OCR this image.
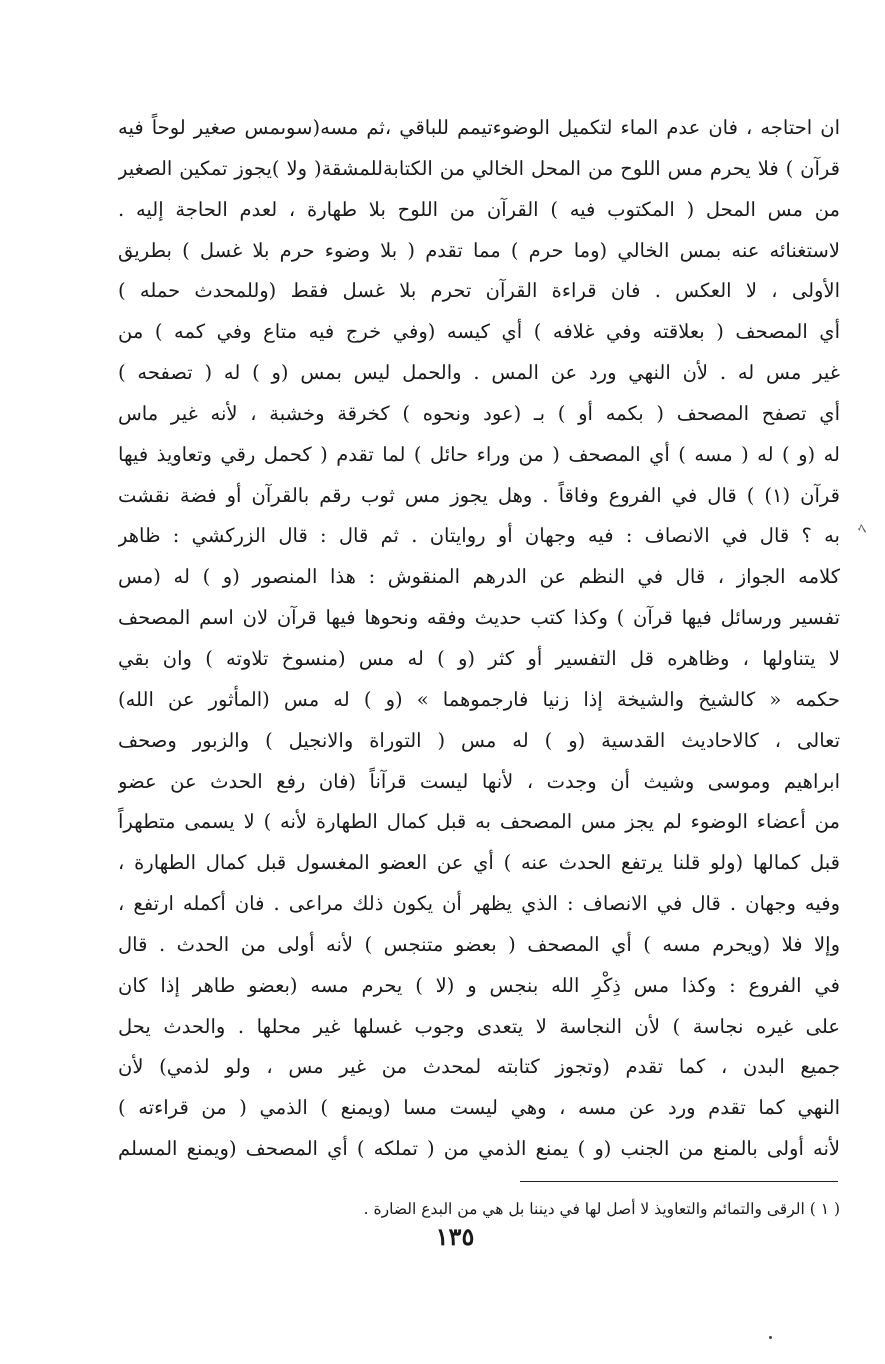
ان احتاجه ، فان عدم الماء لتكميل الوضوءتيمم للباقي ،ثم مسه(سوىمس صغير لوحاً فيه
قرآن ) فلا يحرم مس اللوح من المحل الخالي من الكتابةللمشقة( ولا )يجوز تمكين الصغير
من مس المحل ( المكتوب فيه ) القرآن من اللوح بلا طهارة ، لعدم الحاجة إليه .
لاستغنائه عنه بمس الخالي (وما حرم ) مما تقدم ( بلا وضوء حرم بلا غسل ) بطريق
الأولى ، لا العكس . فان قراءة القرآن تحرم بلا غسل فقط (وللمحدث حمله )
أي المصحف ( بعلاقته وفي غلافه ) أي كيسه (وفي خرج فيه متاع وفي كمه ) من
غير مس له . لأن النهي ورد عن المس . والحمل ليس بمس (و ) له ( تصفحه )
أي تصفح المصحف ( بكمه أو ) بـ (عود ونحوه ) كخرقة وخشبة ، لأنه غير ماس
له (و ) له ( مسه ) أي المصحف ( من وراء حائل ) لما تقدم ( كحمل رقي وتعاويذ فيها
قرآن (١) ) قال في الفروع وفاقاً . وهل يجوز مس ثوب رقم بالقرآن أو فضة نقشت
به ؟ قال في الانصاف : فيه وجهان أو روايتان . ثم قال : قال الزركشي : ظاهر
كلامه الجواز ، قال في النظم عن الدرهم المنقوش : هذا المنصور (و ) له (مس
تفسير ورسائل فيها قرآن ) وكذا كتب حديث وفقه ونحوها فيها قرآن لان اسم المصحف
لا يتناولها ، وظاهره قل التفسير أو كثر (و ) له مس (منسوخ تلاوته ) وان بقي
حكمه « كالشيخ والشيخة إذا زنيا فارجموهما » (و ) له مس (المأثور عن الله)
تعالى ، كالاحاديث القدسية (و ) له مس ( التوراة والانجيل ) والزبور وصحف
ابراهيم وموسى وشيث أن وجدت ، لأنها ليست قرآناً (فان رفع الحدث عن عضو
من أعضاء الوضوء لم يجز مس المصحف به قبل كمال الطهارة لأنه ) لا يسمى متطهراً
قبل كمالها (ولو قلنا يرتفع الحدث عنه ) أي عن العضو المغسول قبل كمال الطهارة ،
وفيه وجهان . قال في الانصاف : الذي يظهر أن يكون ذلك مراعى . فان أكمله ارتفع ،
وإلا فلا (ويحرم مسه ) أي المصحف ( بعضو متنجس ) لأنه أولى من الحدث . قال
في الفروع : وكذا مس ذِكْرِ الله بنجس و (لا ) يحرم مسه (بعضو طاهر إذا كان
على غيره نجاسة ) لأن النجاسة لا يتعدى وجوب غسلها غير محلها . والحدث يحل
جميع البدن ، كما تقدم (وتجوز كتابته لمحدث من غير مس ، ولو لذمي) لأن
النهي كما تقدم ورد عن مسه ، وهي ليست مسا (ويمنع ) الذمي ( من قراءته )
لأنه أولى بالمنع من الجنب (و ) يمنع الذمي من ( تملكه ) أي المصحف (ويمنع المسلم
ﾍ
( ١ ) الرقى والتمائم والتعاويذ لا أصل لها في ديننا بل هي من البدع الضارة .
١٣٥
